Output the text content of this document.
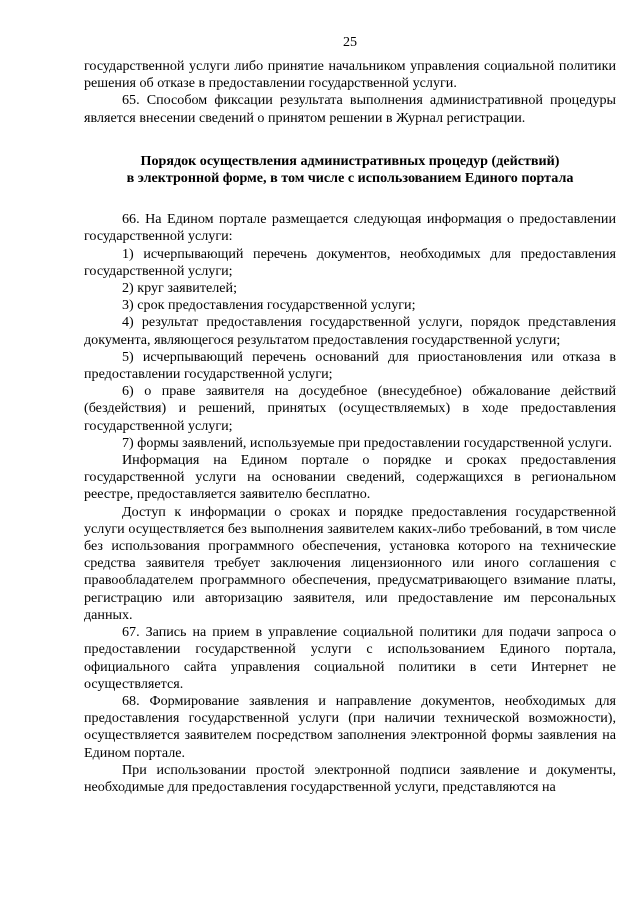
25

государственной услуги либо принятие начальником управления социальной политики решения об отказе в предоставлении государственной услуги.

65. Способом фиксации результата выполнения административной процедуры является внесении сведений о принятом решении в Журнал регистрации.

Порядок осуществления административных процедур (действий)
в электронной форме, в том числе с использованием Единого портала

66. На Едином портале размещается следующая информация о предоставлении государственной услуги:

1) исчерпывающий перечень документов, необходимых для предоставления государственной услуги;

2) круг заявителей;

3) срок предоставления государственной услуги;

4) результат предоставления государственной услуги, порядок представления документа, являющегося результатом предоставления государственной услуги;

5) исчерпывающий перечень оснований для приостановления или отказа в предоставлении государственной услуги;

6) о праве заявителя на досудебное (внесудебное) обжалование действий (бездействия) и решений, принятых (осуществляемых) в ходе предоставления государственной услуги;

7) формы заявлений, используемые при предоставлении государственной услуги.

Информация на Едином портале о порядке и сроках предоставления государственной услуги на основании сведений, содержащихся в региональном реестре, предоставляется заявителю бесплатно.

Доступ к информации о сроках и порядке предоставления государственной услуги осуществляется без выполнения заявителем каких-либо требований, в том числе без использования программного обеспечения, установка которого на технические средства заявителя требует заключения лицензионного или иного соглашения с правообладателем программного обеспечения, предусматривающего взимание платы, регистрацию или авторизацию заявителя, или предоставление им персональных данных.

67. Запись на прием в управление социальной политики для подачи запроса о предоставлении государственной услуги с использованием Единого портала, официального сайта управления социальной политики в сети Интернет не осуществляется.

68. Формирование заявления и направление документов, необходимых для предоставления государственной услуги (при наличии технической возможности), осуществляется заявителем посредством заполнения электронной формы заявления на Едином портале.

При использовании простой электронной подписи заявление и документы, необходимые для предоставления государственной услуги, представляются на
